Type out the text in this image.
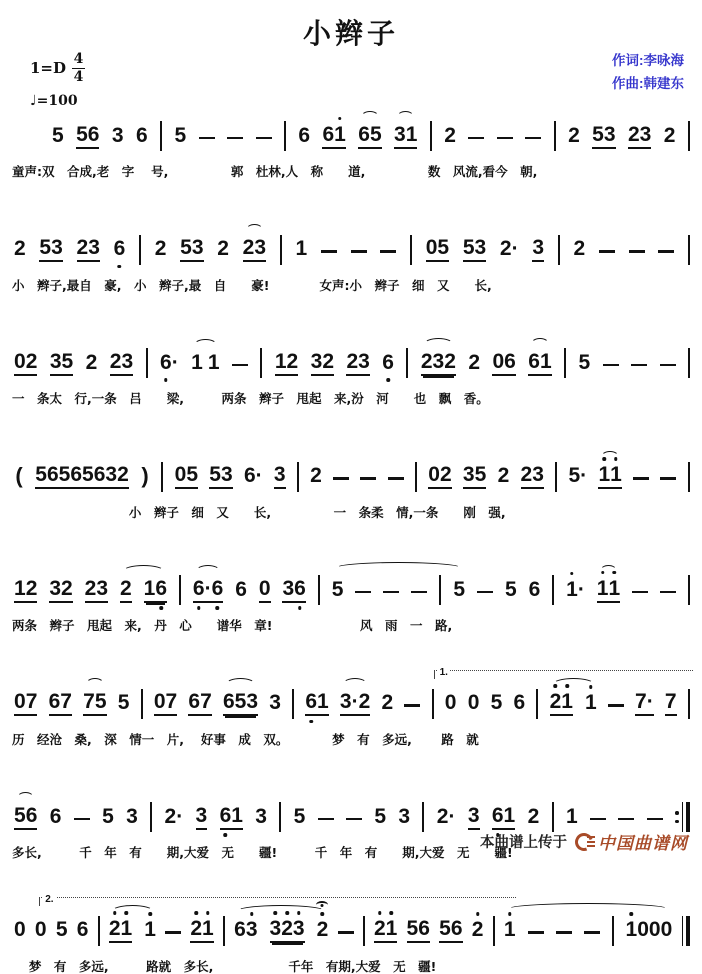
小辫子
1=D
4
4
♩=100
作词:李咏海
作曲:韩建东
5 5 6 3 6 5	6 6 1 6 5 3 1 2	2 5 3 2 3 2
童声:双　合成,老　字　 号,　　　　　郭　杜林,人　称　　道,　　　　　数　风流,看今　朝,
2 5 3 2 3 6 2 5 3 2 2 3 1	0 5 5 3 2 · 3 2
小　辫子,最自　豪,　小　辫子,最　自　　豪!　　　　女声:小　辫子　细　又　　长,
0 2 3 5 2 2 3 6 · 1 1	1 2 3 2 2 3 6 2 3 2 2 0 6 6 1 5
一　条太　行,一条　吕　　梁,　　　两条　辫子　甩起　来,汾　河　　也　飘　香。
( 5 6 5 6 5 6 3 2 ) 0 5 5 3 6 · 3 2	0 2 3 5 2 2 3 5 · 1 1
　　　　　　　　　 小　辫子　细　又　　长,　　　　　一　条柔　情,一条　　刚　强,
1 2 3 2 2 3 2 1 6 6 · 6 6 0 3 6 5	5 5 6 1 · 1 1
两条　辫子　甩起　来,　丹　心　　谱华　章!　　　　　　　风　雨　一　路,
0 7 6 7 7 5 5 0 7 6 7 6 5 3 3 6 1 3 · 2 2 0 0 5 6 2 1 1 7 · 7
历　经沧　桑,　深　情一　片,　 好事　成　双。　　　　梦　有　多远,　　 路　就
1.
5 6 6 5 3 2 · 3 6 1 3 5	5 3 2 · 3 6 1 2 1
多长,　　　千　年　有　　期,大爱　无　　疆!　　　千　年　有　　期,大爱　无　　疆!
0 0 5 6 2 1 1 2 1 6 3 3 2 3 2 2 1 5 6 5 6 2 1	1 0 0 0
　 梦　有　多远,　　　路就　多长,　　　　　　千年　有期,大爱　无　疆!
2.
本曲谱上传于 中国曲谱网
